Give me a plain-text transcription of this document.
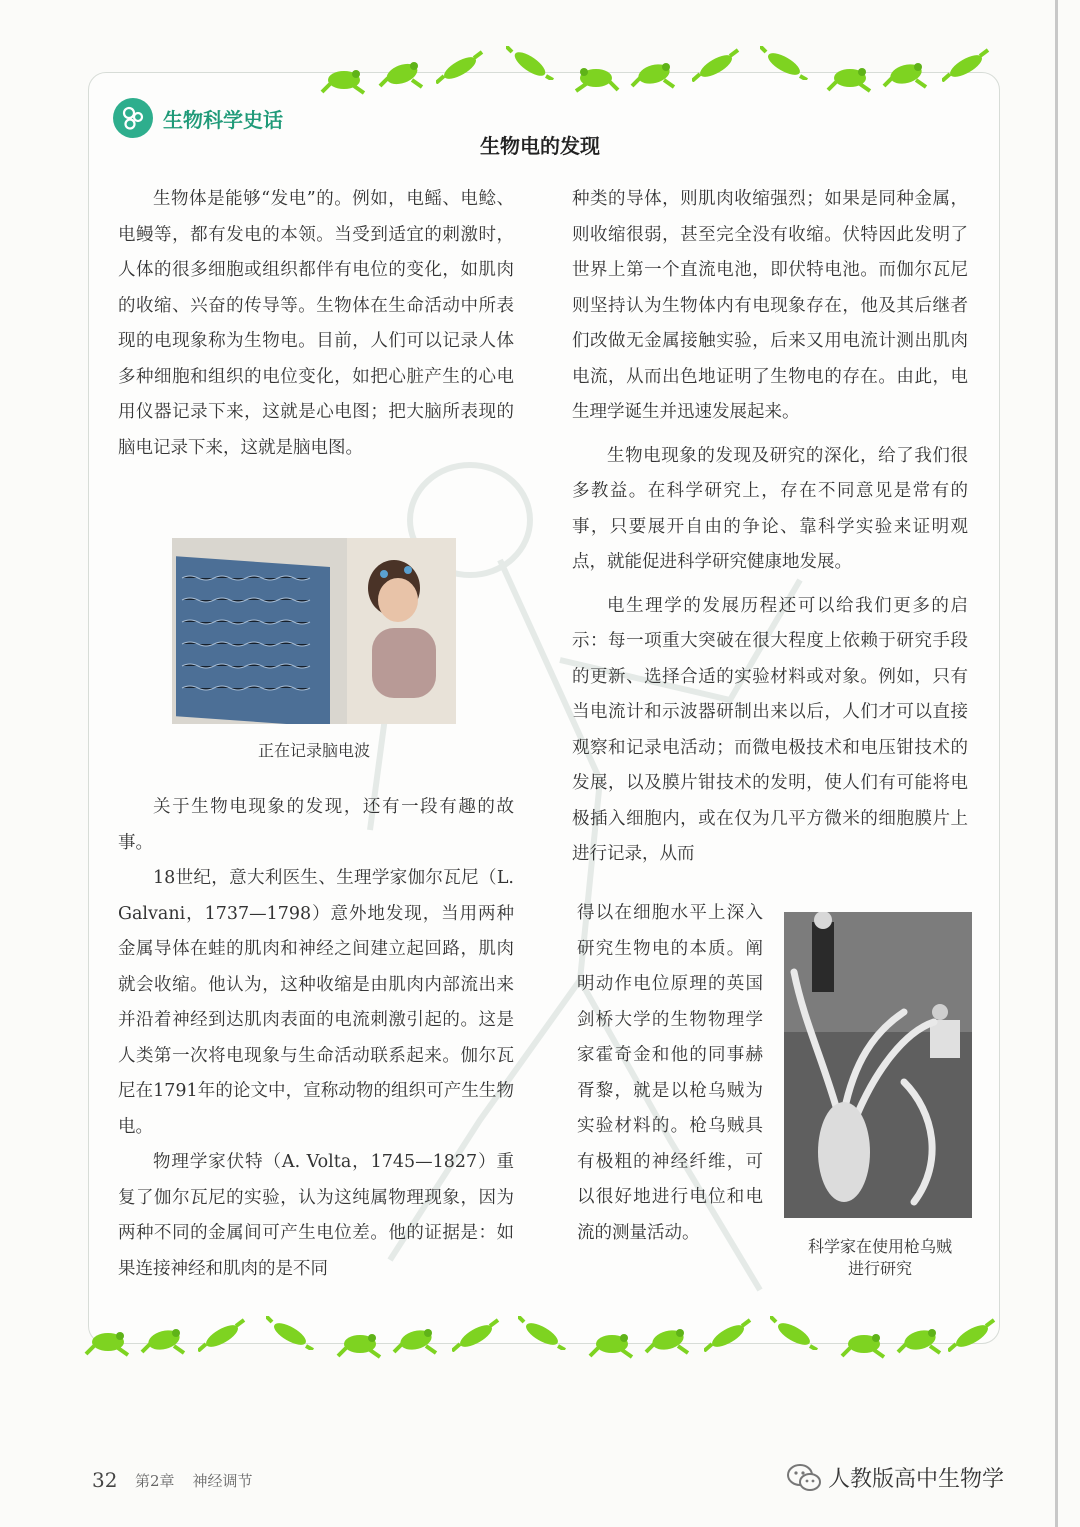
生物科学史话
生物电的发现

生物体是能够“发电”的。例如，电鳐、电鲶、电鳗等，都有发电的本领。当受到适宜的刺激时，人体的很多细胞或组织都伴有电位的变化，如肌肉的收缩、兴奋的传导等。生物体在生命活动中所表现的电现象称为生物电。目前，人们可以记录人体多种细胞和组织的电位变化，如把心脏产生的心电用仪器记录下来，这就是心电图；把大脑所表现的脑电记录下来，这就是脑电图。

正在记录脑电波

关于生物电现象的发现，还有一段有趣的故事。

18世纪，意大利医生、生理学家伽尔瓦尼（L. Galvani，1737—1798）意外地发现，当用两种金属导体在蛙的肌肉和神经之间建立起回路，肌肉就会收缩。他认为，这种收缩是由肌肉内部流出来并沿着神经到达肌肉表面的电流刺激引起的。这是人类第一次将电现象与生命活动联系起来。伽尔瓦尼在1791年的论文中，宣称动物的组织可产生生物电。

物理学家伏特（A. Volta，1745—1827）重复了伽尔瓦尼的实验，认为这纯属物理现象，因为两种不同的金属间可产生电位差。他的证据是：如果连接神经和肌肉的是不同

种类的导体，则肌肉收缩强烈；如果是同种金属，则收缩很弱，甚至完全没有收缩。伏特因此发明了世界上第一个直流电池，即伏特电池。而伽尔瓦尼则坚持认为生物体内有电现象存在，他及其后继者们改做无金属接触实验，后来又用电流计测出肌肉电流，从而出色地证明了生物电的存在。由此，电生理学诞生并迅速发展起来。

生物电现象的发现及研究的深化，给了我们很多教益。在科学研究上，存在不同意见是常有的事，只要展开自由的争论、靠科学实验来证明观点，就能促进科学研究健康地发展。

电生理学的发展历程还可以给我们更多的启示：每一项重大突破在很大程度上依赖于研究手段的更新、选择合适的实验材料或对象。例如，只有当电流计和示波器研制出来以后，人们才可以直接观察和记录电活动；而微电极技术和电压钳技术的发展，以及膜片钳技术的发明，使人们有可能将电极插入细胞内，或在仅为几平方微米的细胞膜片上进行记录，从而

得以在细胞水平上深入研究生物电的本质。阐明动作电位原理的英国剑桥大学的生物物理学家霍奇金和他的同事赫胥黎，就是以枪乌贼为实验材料的。枪乌贼具有极粗的神经纤维，可以很好地进行电位和电流的测量活动。

科学家在使用枪乌贼
进行研究
32 第2章 神经调节	人教版高中生物学
